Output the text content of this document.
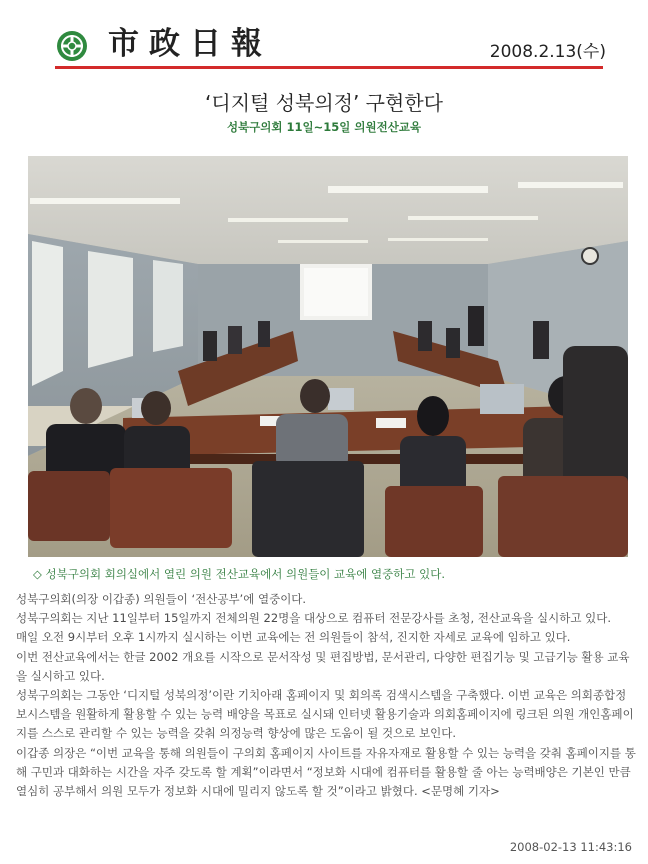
市政日報	2008.2.13(수)
‘디지털 성북의정’ 구현한다
성북구의회 11일~15일 의원전산교육
◇ 성북구의회 회의실에서 열린 의원 전산교육에서 의원들이 교육에 열중하고 있다.

성북구의회(의장 이갑종) 의원들이 ‘전산공부’에 열중이다.

성북구의회는 지난 11일부터 15일까지 전체의원 22명을 대상으로 컴퓨터 전문강사를 초청, 전산교육을 실시하고 있다.

매일 오전 9시부터 오후 1시까지 실시하는 이번 교육에는 전 의원들이 참석, 진지한 자세로 교육에 임하고 있다.

이번 전산교육에서는 한글 2002 개요를 시작으로 문서작성 및 편집방법, 문서관리, 다양한 편집기능 및 고급기능 활용 교육을 실시하고 있다.

성북구의회는 그동안 ‘디지털 성북의정’이란 기치아래 홈페이지 및 회의록 검색시스템을 구축했다. 이번 교육은 의회종합정보시스템을 원활하게 활용할 수 있는 능력 배양을 목표로 실시돼 인터넷 활용기술과 의회홈페이지에 링크된 의원 개인홈페이지를 스스로 관리할 수 있는 능력을 갖춰 의정능력 향상에 많은 도움이 될 것으로 보인다.

이갑종 의장은 “이번 교육을 통해 의원들이 구의회 홈페이지 사이트를 자유자재로 활용할 수 있는 능력을 갖춰 홈페이지를 통해 구민과 대화하는 시간을 자주 갖도록 할 계획”이라면서 “정보화 시대에 컴퓨터를 활용할 줄 아는 능력배양은 기본인 만큼 열심히 공부해서 의원 모두가 정보화 시대에 밀리지 않도록 할 것”이라고 밝혔다. <문명혜 기자>

2008-02-13 11:43:16
